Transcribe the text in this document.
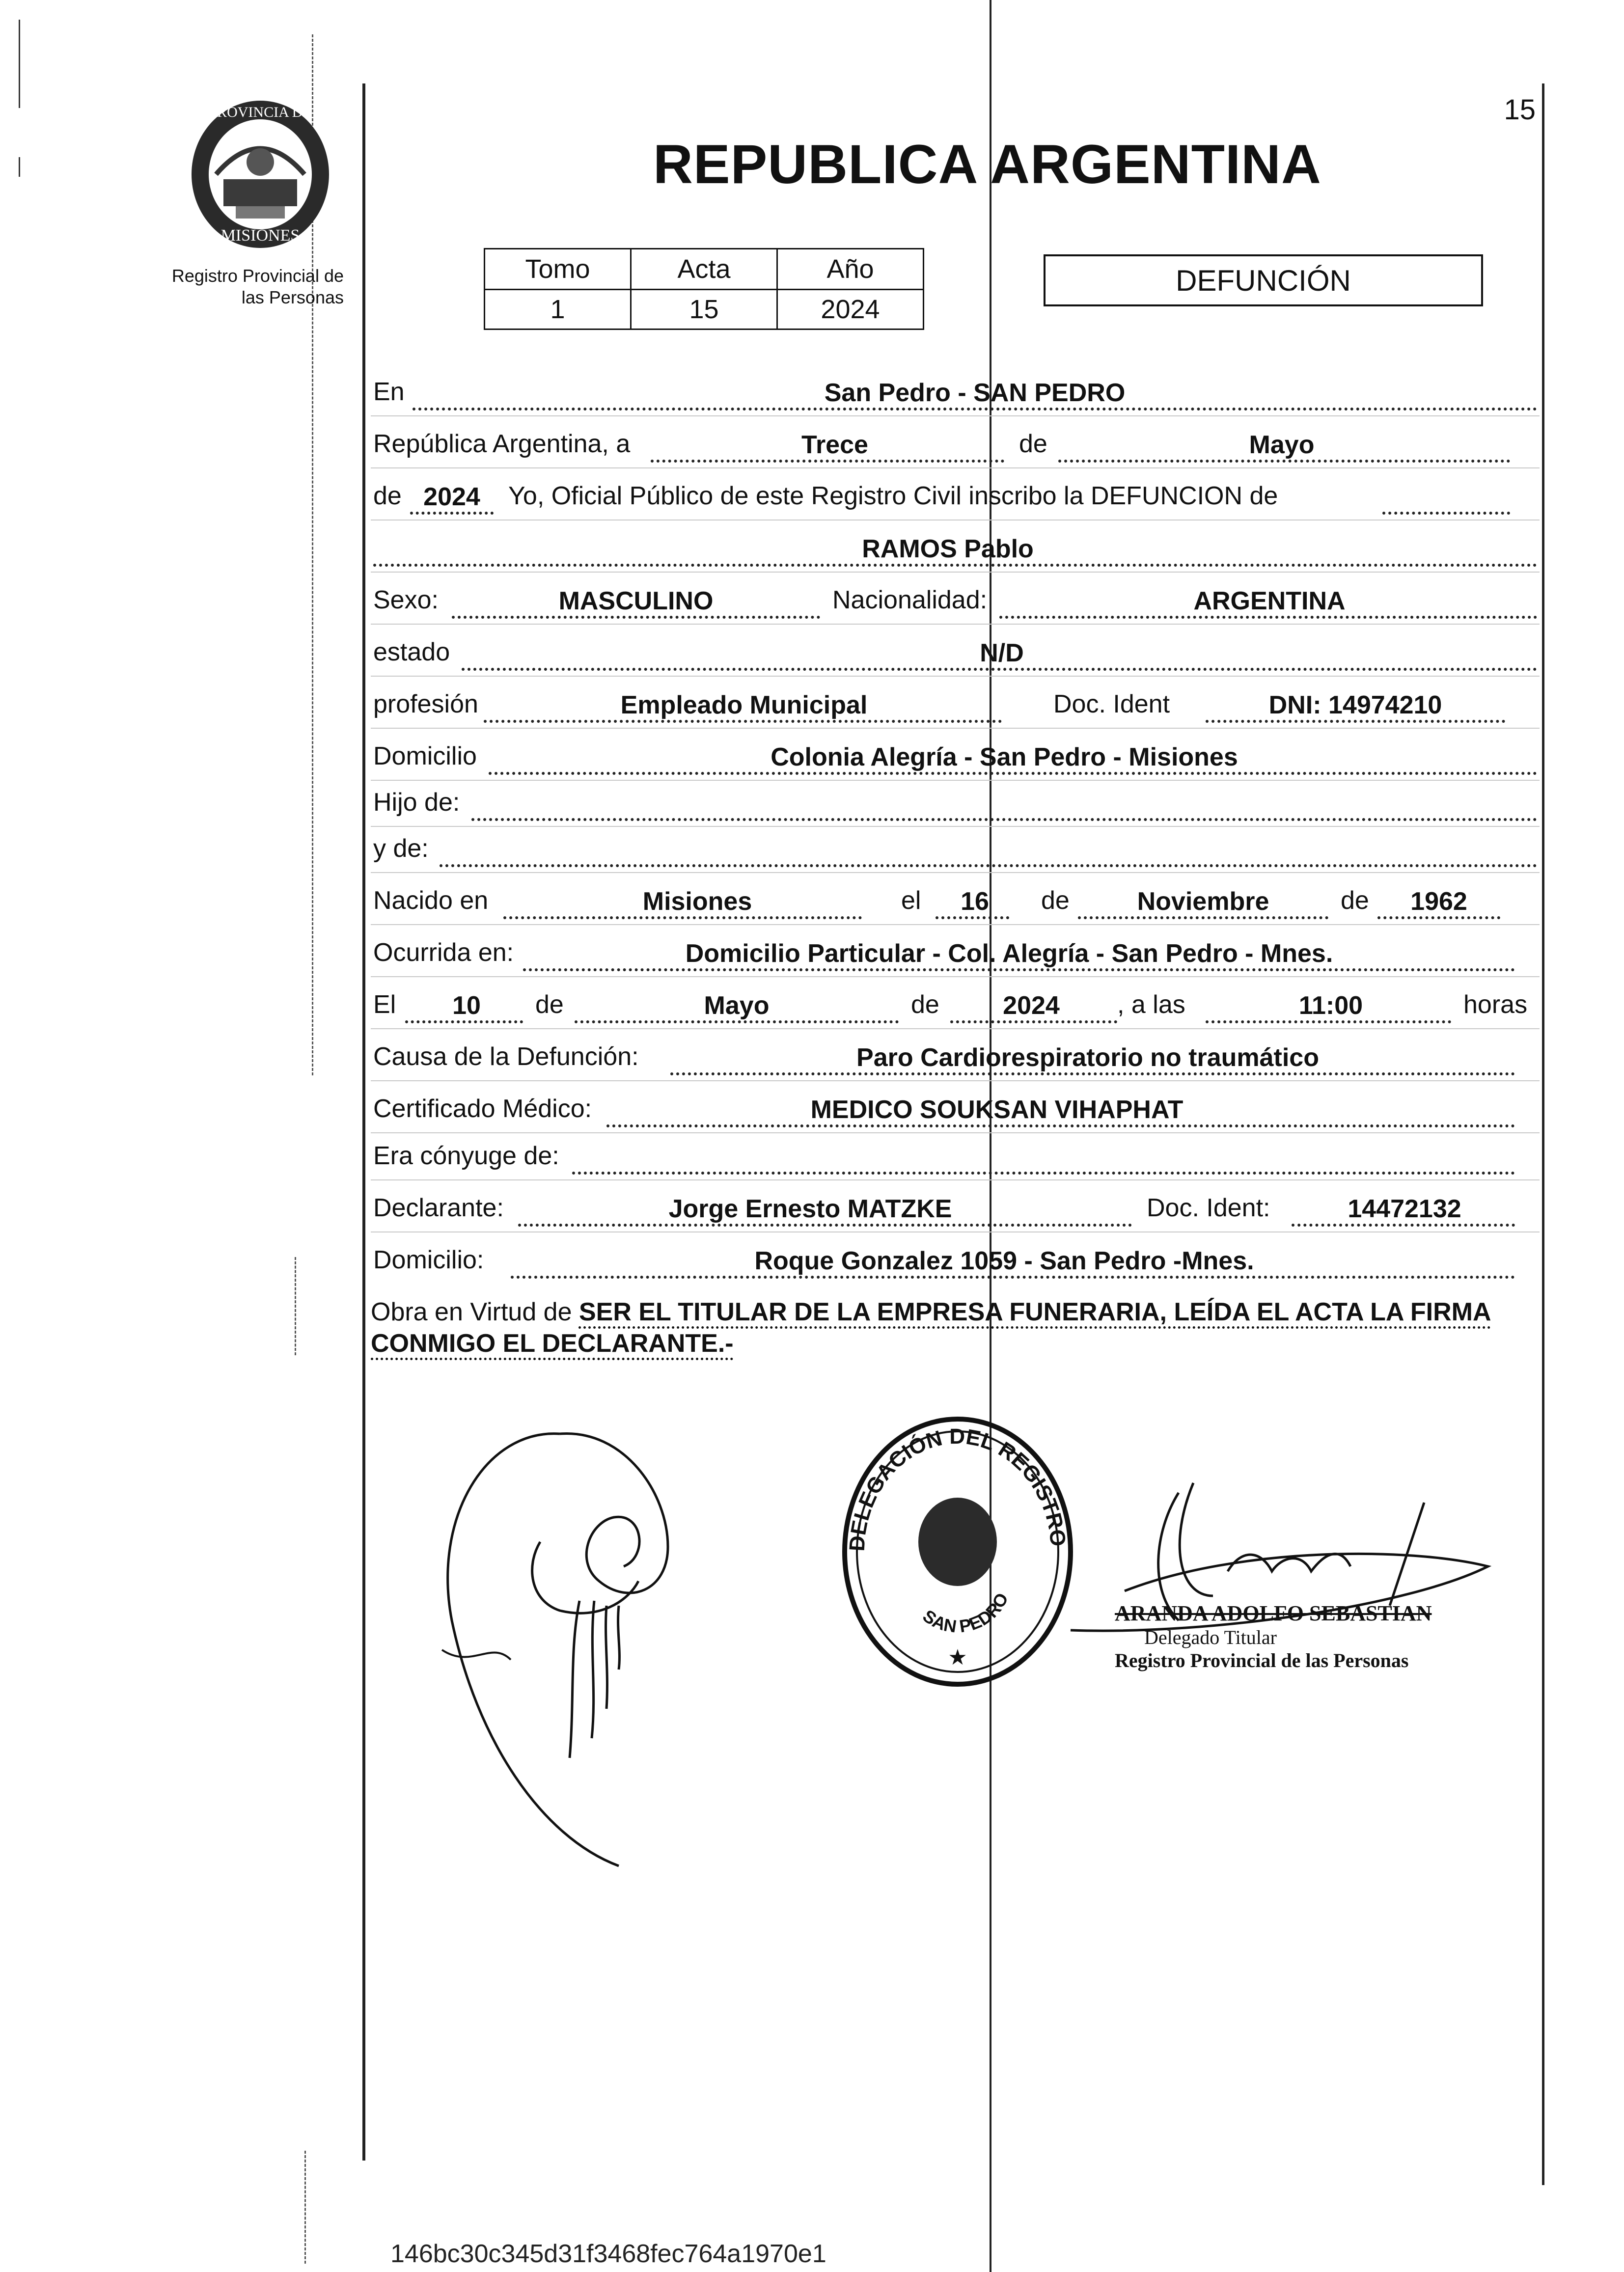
15
PROVINCIA DE
MISIONES
Registro Provincial de
las Personas
REPUBLICA ARGENTINA
Tomo	Acta	Año
1	15	2024
DEFUNCIÓN
En	San Pedro - SAN PEDRO
República Argentina, a	Trece	de	Mayo
de 2024 Yo, Oficial Público de este Registro Civil inscribo la DEFUNCION de
RAMOS Pablo
Sexo:	MASCULINO	Nacionalidad:	ARGENTINA
estado	N/D
profesión	Empleado Municipal	Doc. Ident	DNI: 14974210
Domicilio	Colonia Alegría - San Pedro - Misiones
Hijo de:
y de:
Nacido en	Misiones	el 16 de	Noviembre	de 1962
Ocurrida en:	Domicilio Particular - Col. Alegría - San Pedro - Mnes.
El 10 de	Mayo	de 2024 , a las	11:00	horas
Causa de la Defunción:	Paro Cardiorespiratorio no traumático
Certificado Médico:	MEDICO SOUKSAN VIHAPHAT
Era cónyuge de:
Declarante:	Jorge Ernesto MATZKE	Doc. Ident:	14472132
Domicilio:	Roque Gonzalez 1059 - San Pedro -Mnes.
Obra en Virtud de SER EL TITULAR DE LA EMPRESA FUNERARIA, LEÍDA EL ACTA LA FIRMA CONMIGO EL DECLARANTE.-
DELEGACIÓN DEL REGISTRO
SAN PEDRO
★
ARANDA ADOLFO SEBASTIAN
Delegado Titular
Registro Provincial de las Personas
146bc30c345d31f3468fec764a1970e1
